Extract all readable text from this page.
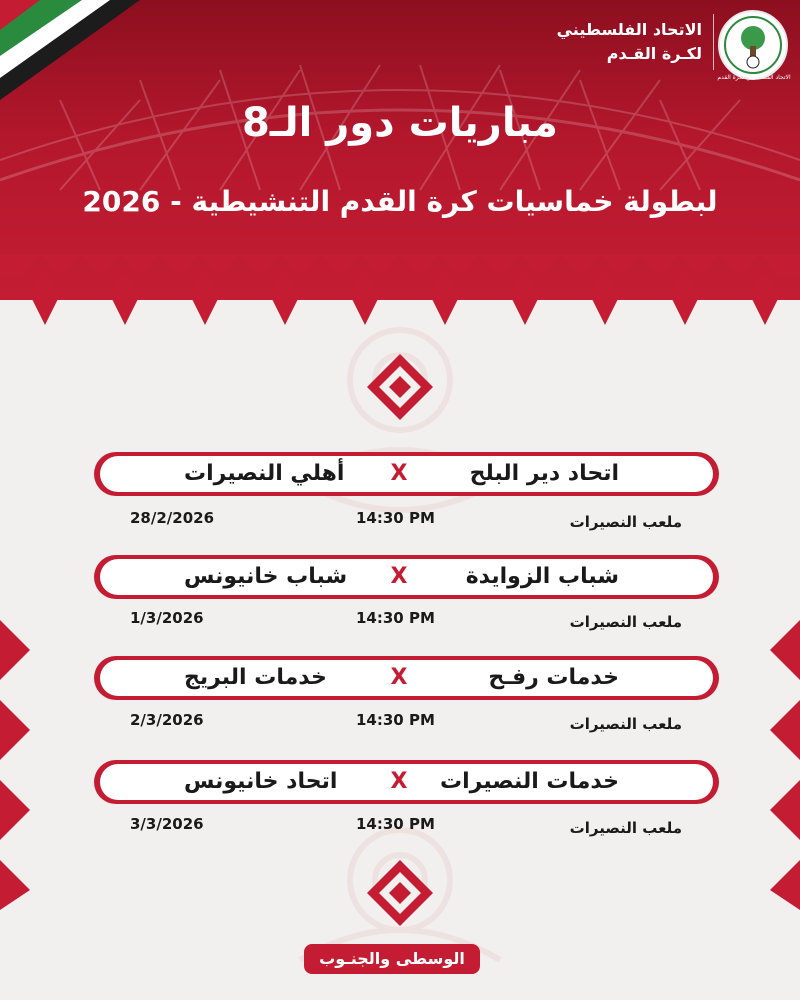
الاتحاد الفلسطيني
لكـرة القـدم
الاتحاد الفلسطيني لكرة القدم
مباريات دور الـ8
لبطولة خماسيات كرة القدم التنشيطية - 2026
اتحاد دير البلح
X
أهلي النصيرات
28/2/2026	14:30 PM	ملعب النصيرات
شباب الزوايدة
X
شباب خانيونس
1/3/2026	14:30 PM	ملعب النصيرات
خدمات رفـح
X
خدمات البريج
2/3/2026	14:30 PM	ملعب النصيرات
خدمات النصيرات
X
اتحاد خانيونس
3/3/2026	14:30 PM	ملعب النصيرات
الوسطى والجنـوب
